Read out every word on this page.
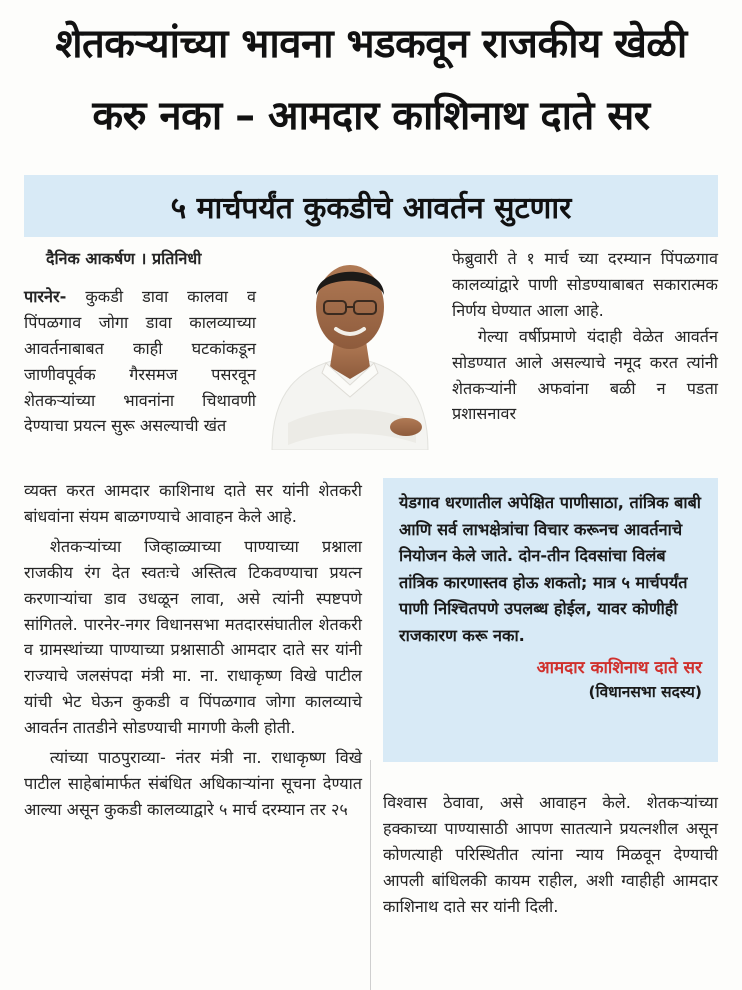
शेतकऱ्यांच्या भावना भडकवून राजकीय खेळी
करु नका – आमदार काशिनाथ दाते सर
५ मार्चपर्यंत कुकडीचे आवर्तन सुटणार

दैनिक आकर्षण । प्रतिनिधी

पारनेर- कुकडी डावा कालवा व पिंपळगाव जोगा डावा कालव्याच्या आवर्तनाबाबत काही घटकांकडून जाणीवपूर्वक गैरसमज पसरवून शेतकऱ्यांच्या भावनांना चिथावणी देण्याचा प्रयत्न सुरू असल्याची खंत

व्यक्त करत आमदार काशिनाथ दाते सर यांनी शेतकरी बांधवांना संयम बाळगण्याचे आवाहन केले आहे.

शेतकऱ्यांच्या जिव्हाळ्याच्या पाण्याच्या प्रश्नाला राजकीय रंग देत स्वतःचे अस्तित्व टिकवण्याचा प्रयत्न करणाऱ्यांचा डाव उधळून लावा, असे त्यांनी स्पष्टपणे सांगितले. पारनेर-नगर विधानसभा मतदारसंघातील शेतकरी व ग्रामस्थांच्या पाण्याच्या प्रश्नासाठी आमदार दाते सर यांनी राज्याचे जलसंपदा मंत्री मा. ना. राधाकृष्ण विखे पाटील यांची भेट घेऊन कुकडी व पिंपळगाव जोगा कालव्याचे आवर्तन तातडीने सोडण्याची मागणी केली होती.

त्यांच्या पाठपुराव्या- नंतर मंत्री ना. राधाकृष्ण विखे पाटील साहेबांमार्फत संबंधित अधिकाऱ्यांना सूचना देण्यात आल्या असून कुकडी कालव्याद्वारे ५ मार्च दरम्यान तर २५

फेब्रुवारी ते १ मार्च च्या दरम्यान पिंपळगाव कालव्यांद्वारे पाणी सोडण्याबाबत सकारात्मक निर्णय घेण्यात आला आहे.

गेल्या वर्षीप्रमाणे यंदाही वेळेत आवर्तन सोडण्यात आले असल्याचे नमूद करत त्यांनी शेतकऱ्यांनी अफवांना बळी न पडता प्रशासनावर

येडगाव धरणातील अपेक्षित पाणीसाठा, तांत्रिक बाबी आणि सर्व लाभक्षेत्रांचा विचार करूनच आवर्तनाचे नियोजन केले जाते. दोन-तीन दिवसांचा विलंब तांत्रिक कारणास्तव होऊ शकतो; मात्र ५ मार्चपर्यंत पाणी निश्चितपणे उपलब्ध होईल, यावर कोणीही राजकारण करू नका.

आमदार काशिनाथ दाते सर
(विधानसभा सदस्य)

विश्वास ठेवावा, असे आवाहन केले. शेतकऱ्यांच्या हक्काच्या पाण्यासाठी आपण सातत्याने प्रयत्नशील असून कोणत्याही परिस्थितीत त्यांना न्याय मिळवून देण्याची आपली बांधिलकी कायम राहील, अशी ग्वाहीही आमदार काशिनाथ दाते सर यांनी दिली.
